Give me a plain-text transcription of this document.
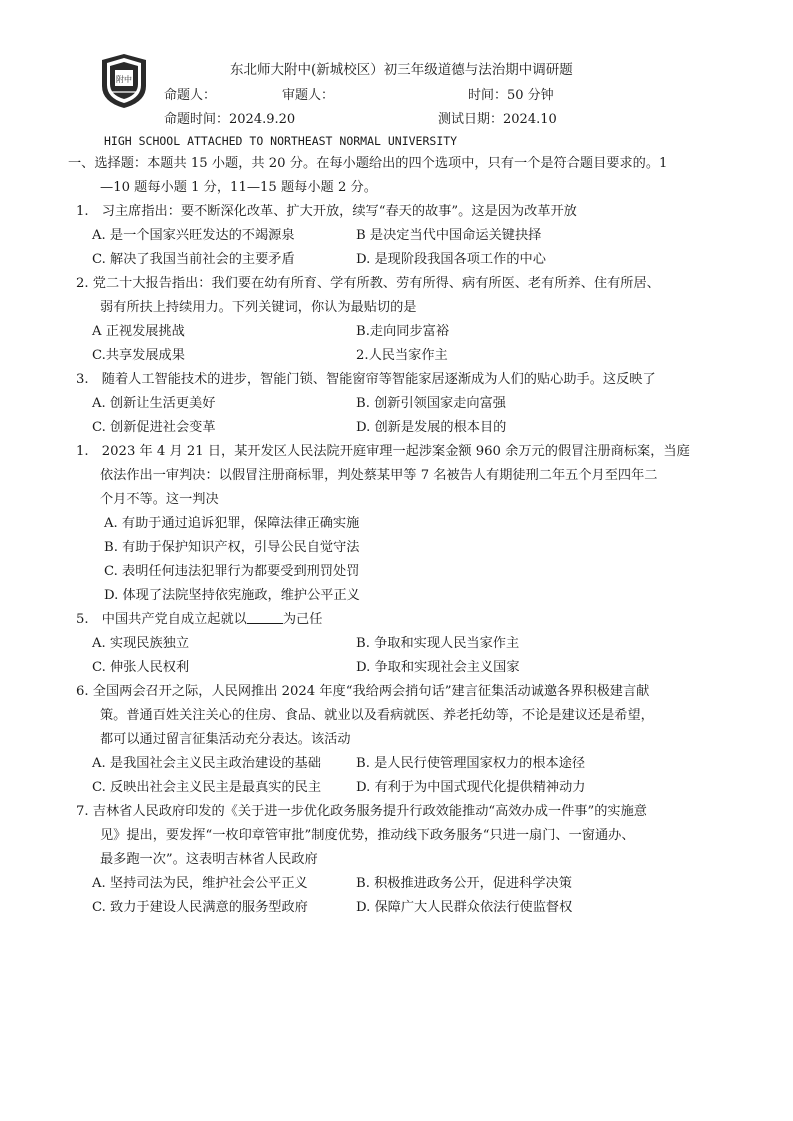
附中
东北师大附中(新城校区）初三年级道德与法治期中调研题
命题人：	审题人：	时间：50 分钟
命题时间：2024.9.20	测试日期：2024.10
HIGH SCHOOL ATTACHED TO NORTHEAST NORMAL UNIVERSITY
一、选择题：本题共 15 小题，共 20 分。在每小题给出的四个选项中，只有一个是符合题目要求的。1
—10 题每小题 1 分，11—15 题每小题 2 分。
1.　习主席指出：要不断深化改革、扩大开放，续写“春天的故事”。这是因为改革开放
A. 是一个国家兴旺发达的不竭源泉	B 是决定当代中国命运关键抉择
C. 解决了我国当前社会的主要矛盾	D. 是现阶段我国各项工作的中心
2. 党二十大报告指出：我们要在幼有所育、学有所教、劳有所得、病有所医、老有所养、住有所居、
弱有所扶上持续用力。下列关键词，你认为最贴切的是
A 正视发展挑战	B.走向同步富裕
C.共享发展成果	2.人民当家作主
3.　随着人工智能技术的进步，智能门锁、智能窗帘等智能家居逐渐成为人们的贴心助手。这反映了
A. 创新让生活更美好	B. 创新引领国家走向富强
C. 创新促进社会变革	D. 创新是发展的根本目的
1.　2023 年 4 月 21 日，某开发区人民法院开庭审理一起涉案金额 960 余万元的假冒注册商标案，当庭
依法作出一审判决：以假冒注册商标罪，判处蔡某甲等 7 名被告人有期徒刑二年五个月至四年二
个月不等。这一判决
A. 有助于通过追诉犯罪，保障法律正确实施
B. 有助于保护知识产权，引导公民自觉守法
C. 表明任何违法犯罪行为都要受到刑罚处罚
D. 体现了法院坚持依宪施政，维护公平正义
5.　中国共产党自成立起就以	为己任
A. 实现民族独立	B. 争取和实现人民当家作主
C. 伸张人民权利	D. 争取和实现社会主义国家
6. 全国两会召开之际，人民网推出 2024 年度“我给两会捎句话”建言征集活动诚邀各界积极建言献
策。普通百姓关注关心的住房、食品、就业以及看病就医、养老托幼等，不论是建议还是希望，
都可以通过留言征集活动充分表达。该活动
A. 是我国社会主义民主政治建设的基础	B. 是人民行使管理国家权力的根本途径
C. 反映出社会主义民主是最真实的民主	D. 有利于为中国式现代化提供精神动力
7. 吉林省人民政府印发的《关于进一步优化政务服务提升行政效能推动“高效办成一件事”的实施意
见》提出，要发挥“一枚印章管审批”制度优势，推动线下政务服务“只进一扇门、一窗通办、
最多跑一次”。这表明吉林省人民政府
A. 坚持司法为民，维护社会公平正义	B. 积极推进政务公开，促进科学决策
C. 致力于建设人民满意的服务型政府	D. 保障广大人民群众依法行使监督权
